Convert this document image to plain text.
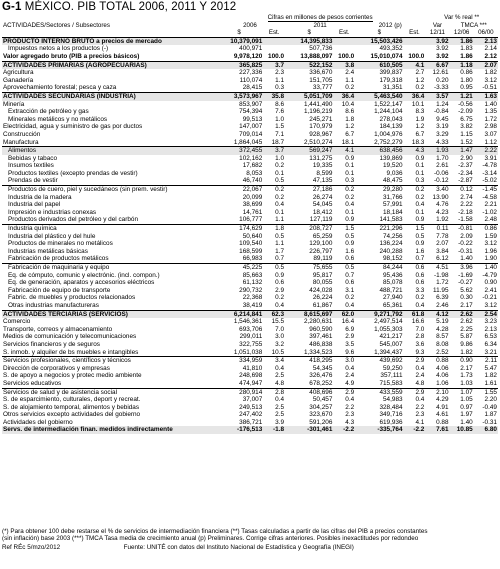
G-1 MÉXICO. PIB TOTAL 2006, 2011 Y 2012
	Cifras en millones de pesos corrientes						Var % real **		
ACTIVIDADES/Sectores / Subsectores	2006		2011		2012 (p)		Var	TMCA ***	
	$	Est.	$	Est.	$	Est.	12/11	12/06	06/00
PRODUCTO INTERNO BRUTO a precios de mercado	10,379,091		14,395,833		15,503,426		3.92	1.86	2.13
Impuestos netos a los productos (-)	400,971		507,736		493,352		3.92	1.83	2.14
Valor agregado bruto (PIB a precios básicos)	9,978,120	100.0	13,888,097	100.0	15,010,074	100.0	3.92	1.86	2.12
ACTIVIDADES PRIMARIAS (AGROPECUARIAS)	365,825	3.7	522,152	3.8	610,505	4.1	6.67	1.18	2.07
Agricultura	227,336	2.3	336,670	2.4	399,837	2.7	12.61	0.86	1.82
Ganadería	110,074	1.1	151,705	1.1	179,318	1.2	0.20	1.80	3.12
Aprovechamiento forestal; pesca y caza	28,415	0.3	33,777	0.2	31,351	0.2	-3.33	0.95	-0.51
ACTIVIDADES SECUNDARIAS (INDUSTRIA)	3,573,967	35.8	5,051,709	36.4	5,463,540	36.4	3.57	1.21	1.63
Minería	853,907	8.6	1,441,490	10.4	1,522,147	10.1	1.24	-0.56	1.40
Extracción de petróleo y gas	754,394	7.6	1,196,219	8.6	1,244,104	8.3	-0.84	-2.09	1.35
Minerales metálicos y no metálicos	99,513	1.0	245,271	1.8	278,043	1.9	9.45	6.75	1.72
Electricidad, agua y suministro de gas por ductos	147,007	1.5	170,979	1.2	184,139	1.2	3.19	3.82	2.98
Construcción	709,014	7.1	928,967	6.7	1,004,976	6.7	3.29	1.15	3.07
Manufactura	1,864,045	18.7	2,510,274	18.1	2,752,279	18.3	4.33	1.52	1.12
Alimentos	372,455	3.7	569,247	4.1	638,456	4.3	1.93	1.47	2.22
Bebidas y tabaco	102,162	1.0	131,275	0.9	139,869	0.9	1.70	2.90	3.91
Insumos textiles	17,682	0.2	19,335	0.1	19,520	0.1	2.61	-2.37	-4.78
Productos textiles (excepto prendas de vestir)	8,053	0.1	8,599	0.1	9,036	0.1	-0.06	-2.34	-3.14
Prendas de vestir	46,740	0.5	47,135	0.3	48,475	0.3	-0.12	-2.87	-5.02
Productos de cuero, piel y sucedáneos (sin prem. vestir)	22,067	0.2	27,186	0.2	29,280	0.2	3.40	0.12	-1.45
Industria de la madera	20,099	0.2	26,274	0.2	31,766	0.2	13.90	2.74	-4.58
Industria del papel	38,699	0.4	54,045	0.4	57,991	0.4	4.76	2.22	2.21
Impresión e industrias conexas	14,761	0.1	18,412	0.1	18,184	0.1	4.23	-2.18	-1.02
Productos derivados del petróleo y del carbón	106,777	1.1	127,119	0.9	141,583	0.9	1.92	-1.58	2.48
Industria química	174,629	1.8	208,727	1.5	221,296	1.5	0.11	-0.81	0.86
Industria del plástico y del hule	50,640	0.5	65,259	0.5	74,256	0.5	7.78	2.09	1.59
Productos de minerales no metálicos	109,540	1.1	129,100	0.9	136,224	0.9	2.07	-0.22	3.12
Industrias metálicas básicas	168,599	1.7	226,797	1.6	240,288	1.6	3.84	-0.31	1.96
Fabricación de productos metálicos	66,983	0.7	89,119	0.6	98,152	0.7	6.12	1.40	1.90
Fabricación de maquinaria y equipo	45,225	0.5	75,655	0.5	84,244	0.6	4.51	3.96	1.40
Eq. de cómputo, comunic y electrónic. (incl. compon.)	85,663	0.9	95,817	0.7	95,436	0.6	-1.98	-1.69	-4.79
Eq. de generación, aparatos y accesorios eléctricos	61,132	0.6	80,055	0.6	85,078	0.6	1.72	-0.27	0.90
Fabricación de equipo de transporte	290,732	2.9	424,028	3.1	488,721	3.3	11.95	5.62	2.41
Fabric. de muebles y productos relacionados	22,368	0.2	26,224	0.2	27,940	0.2	6.39	0.30	-0.21
Otras industrias manufactureras	38,419	0.4	61,867	0.4	65,361	0.4	2.46	2.17	3.12
ACTIVIDADES TERCIARIAS (SERVICIOS)	6,214,841	62.3	8,615,697	62.0	9,271,792	61.8	4.12	2.62	2.54
Comercio	1,546,361	15.5	2,280,631	16.4	2,497,514	16.6	5.19	2.62	3.23
Transporte, correos y almacenamiento	693,706	7.0	960,590	6.9	1,055,303	7.0	4.28	2.25	2.13
Medios de comunicación y telecomunicaciones	299,011	3.0	397,461	2.9	421,217	2.8	8.57	5.87	6.53
Servicios financieros y de seguros	322,755	3.2	486,838	3.5	545,007	3.6	8.08	9.86	6.34
S. inmob. y alquiler de bs muebles e intangibles	1,051,038	10.5	1,334,523	9.6	1,394,437	9.3	2.52	1.82	3.21
Servicios profesionales, científicos y técnicos	334,959	3.4	418,295	3.0	439,692	2.9	0.88	0.90	2.11
Dirección de corporativos y empresas	41,810	0.4	54,345	0.4	59,250	0.4	4.06	2.17	5.47
S. de apoyo a negocios y protec medio ambiente	248,698	2.5	326,476	2.4	357,111	2.4	4.06	1.73	1.82
Servicios educativos	474,947	4.8	678,252	4.9	715,583	4.8	1.06	1.03	1.61
Servicios de salud y de asistencia social	280,914	2.8	408,696	2.9	433,559	2.9	2.10	1.07	1.55
S. de esparcimiento, culturales, deport y recreat.	37,007	0.4	50,457	0.4	54,983	0.4	4.29	1.05	2.20
S. de alojamiento temporal, alimentos y bebidas	249,513	2.5	304,257	2.2	328,484	2.2	4.91	0.97	-0.49
Otros servicios excepto actividades del gobierno	247,402	2.5	323,670	2.3	349,716	2.3	4.61	1.97	1.87
Actividades del gobierno	386,721	3.9	591,206	4.3	619,936	4.1	0.88	1.40	-0.31
Servs. de intermediación finan. medidos indirectamente	-176,513	-1.8	-301,461	-2.2	-335,764	-2.2	7.61	10.85	6.80
(*) Para obtener 100 debe restarse el % de servicios de intermediación financiera (**) Tasas calculadas a partir de las cifras del PIB a precios constantes
(sin inflación) base 2003 (***) TMCA Tasa media de crecimiento anual (p) Preliminares. Corrige cifras anteriores. Posibles inexactitudes por redondeo
Ref RÉc 5/mzo/2012	Fuente: UNITÉ con datos del Instituto Nacional de Estadística y Geografía (INEGI)
